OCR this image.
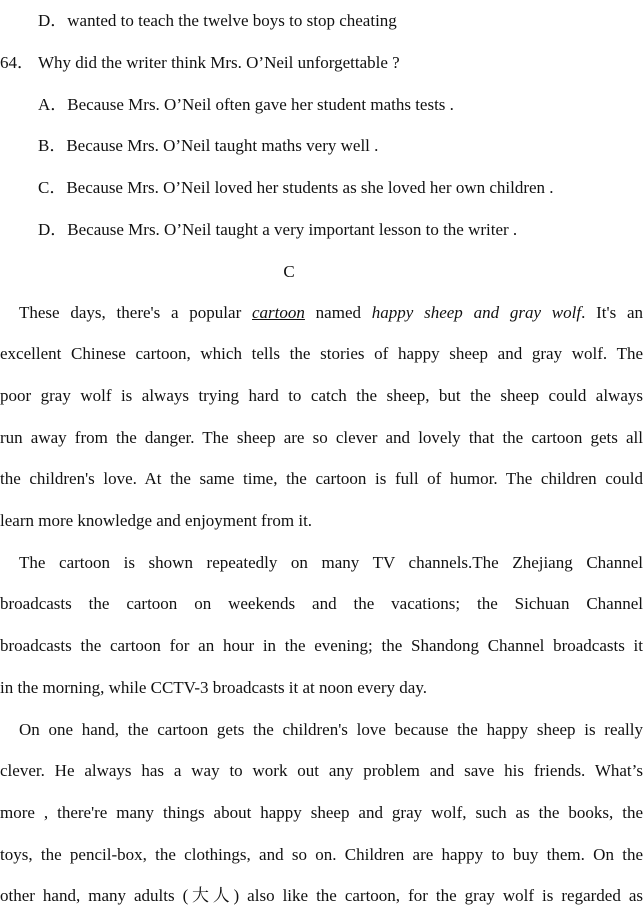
D．wanted to teach the twelve boys to stop cheating
64． Why did the writer think Mrs. O’Neil unforgettable ?
A．Because Mrs. O’Neil often gave her student maths tests .
B．Because Mrs. O’Neil taught maths very well .
C．Because Mrs. O’Neil loved her students as she loved her own children .
D．Because Mrs. O’Neil taught a very important lesson to the writer .
C
These days, there's a popular cartoon named happy sheep and gray wolf. It's an
excellent Chinese cartoon, which tells the stories of happy sheep and gray wolf. The
poor gray wolf is always trying hard to catch the sheep, but the sheep could always
run away from the danger. The sheep are so clever and lovely that the cartoon gets all
the children's love. At the same time, the cartoon is full of humor. The children could
learn more knowledge and enjoyment from it.
The cartoon is shown repeatedly on many TV channels.The Zhejiang Channel
broadcasts the cartoon on weekends and the vacations; the Sichuan Channel
broadcasts the cartoon for an hour in the evening; the Shandong Channel broadcasts it
in the morning, while CCTV-3 broadcasts it at noon every day.
On one hand, the cartoon gets the children's love because the happy sheep is really
clever. He always has a way to work out any problem and save his friends. What’s
more , there're many things about happy sheep and gray wolf, such as the books, the
toys, the pencil-box, the clothings, and so on. Children are happy to buy them. On the
other hand, many adults (大人) also like the cartoon, for the gray wolf is regarded as
